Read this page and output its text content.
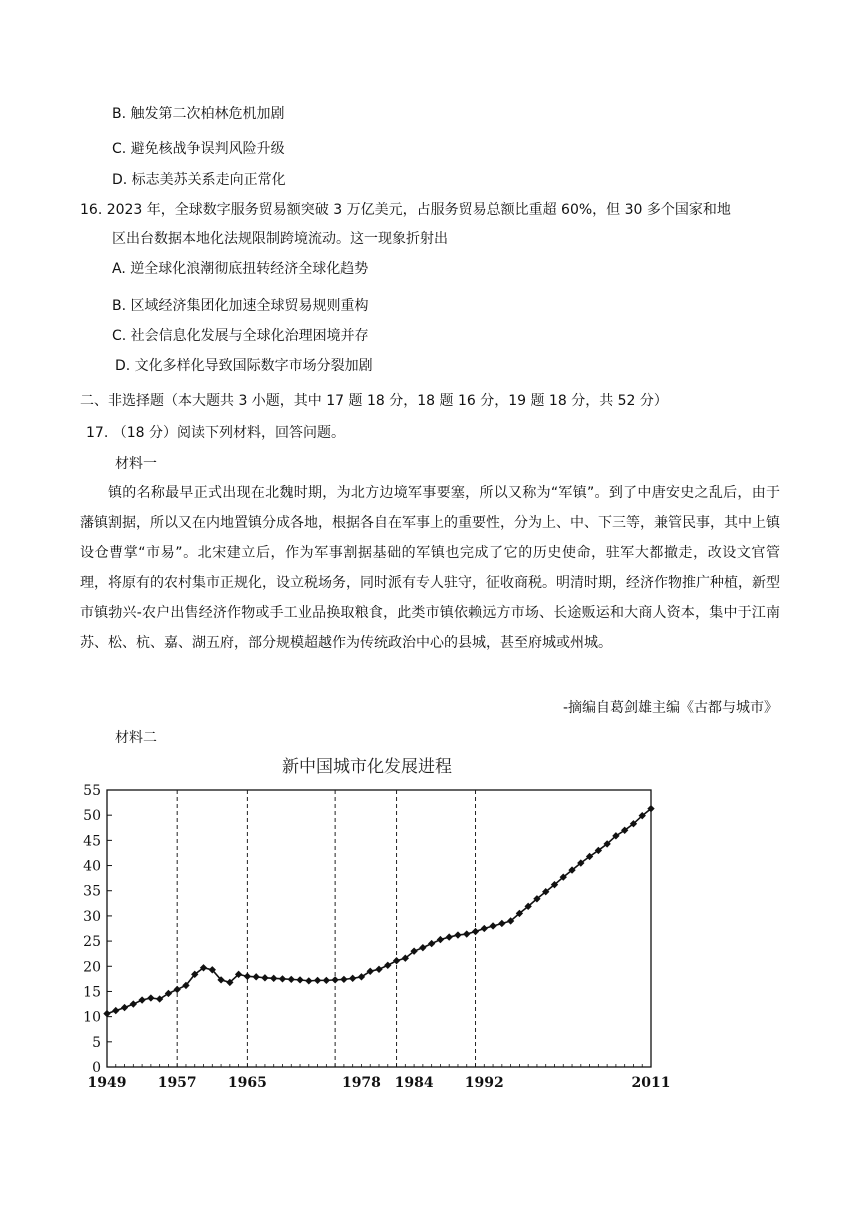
B. 触发第二次柏林危机加剧
C. 避免核战争误判风险升级
D. 标志美苏关系走向正常化
16. 2023 年，全球数字服务贸易额突破 3 万亿美元，占服务贸易总额比重超 60%，但 30 多个国家和地
区出台数据本地化法规限制跨境流动。这一现象折射出
A. 逆全球化浪潮彻底扭转经济全球化趋势
B. 区域经济集团化加速全球贸易规则重构
C. 社会信息化发展与全球化治理困境并存
D. 文化多样化导致国际数字市场分裂加剧
二、非选择题（本大题共 3 小题，其中 17 题 18 分，18 题 16 分，19 题 18 分，共 52 分）
17. （18 分）阅读下列材料，回答问题。
材料一
镇的名称最早正式出现在北魏时期，为北方边境军事要塞，所以又称为“军镇”。到了中唐安史之乱后，由于藩镇割据，所以又在内地置镇分成各地，根据各自在军事上的重要性，分为上、中、下三等，兼管民事，其中上镇设仓曹掌“市易”。北宋建立后，作为军事割据基础的军镇也完成了它的历史使命，驻军大都撤走，改设文官管理，将原有的农村集市正规化，设立税场务，同时派有专人驻守，征收商税。明清时期，经济作物推广种植，新型市镇勃兴-农户出售经济作物或手工业品换取粮食，此类市镇依赖远方市场、长途贩运和大商人资本，集中于江南苏、松、杭、嘉、湖五府，部分规模超越作为传统政治中心的县城，甚至府城或州城。
-摘编自葛剑雄主编《古都与城市》
材料二
新中国城市化发展进程
0
5
10
15
20
25
30
35
40
45
50
55
1949 1957 1965	1978 1984 1992	2011
